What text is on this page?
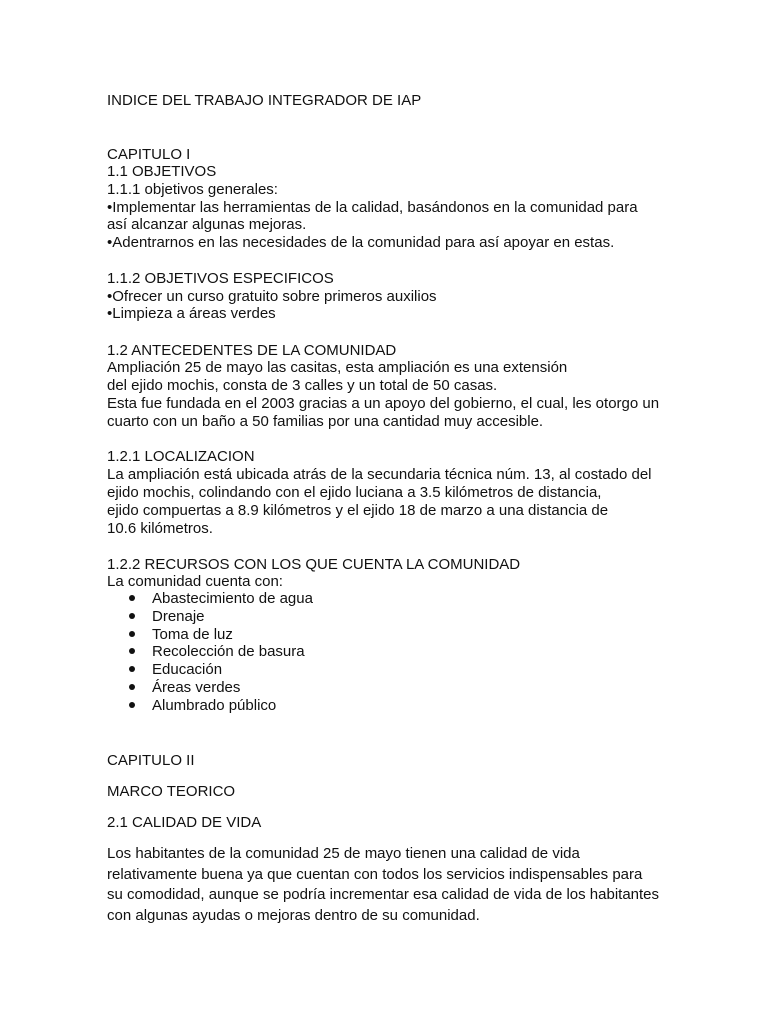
INDICE DEL TRABAJO INTEGRADOR DE IAP
CAPITULO I
1.1 OBJETIVOS
1.1.1 objetivos generales:
•Implementar las herramientas de la calidad, basándonos en la comunidad para
así alcanzar algunas mejoras.
•Adentrarnos en las necesidades de la comunidad para así apoyar en estas.
1.1.2 OBJETIVOS ESPECIFICOS
•Ofrecer un curso gratuito sobre primeros auxilios
•Limpieza a áreas verdes
1.2 ANTECEDENTES DE LA COMUNIDAD
Ampliación 25 de mayo las casitas, esta ampliación es una extensión
del ejido mochis, consta de 3 calles y un total de 50 casas.
Esta fue fundada en el 2003 gracias a un apoyo del gobierno, el cual, les otorgo un
cuarto con un baño a 50 familias por una cantidad muy accesible.
1.2.1 LOCALIZACION
La ampliación está ubicada atrás de la secundaria técnica núm. 13, al costado del
ejido mochis, colindando con el ejido luciana a 3.5 kilómetros de distancia,
ejido compuertas a 8.9 kilómetros y el ejido 18 de marzo a una distancia de
10.6 kilómetros.
1.2.2 RECURSOS CON LOS QUE CUENTA LA COMUNIDAD
La comunidad cuenta con:
Abastecimiento de agua
Drenaje
Toma de luz
Recolección de basura
Educación
Áreas verdes
Alumbrado público
CAPITULO II
MARCO TEORICO
2.1 CALIDAD DE VIDA
Los habitantes de la comunidad 25 de mayo tienen una calidad de vida
relativamente buena ya que cuentan con todos los servicios indispensables para
su comodidad, aunque se podría incrementar esa calidad de vida de los habitantes
con algunas ayudas o mejoras dentro de su comunidad.
